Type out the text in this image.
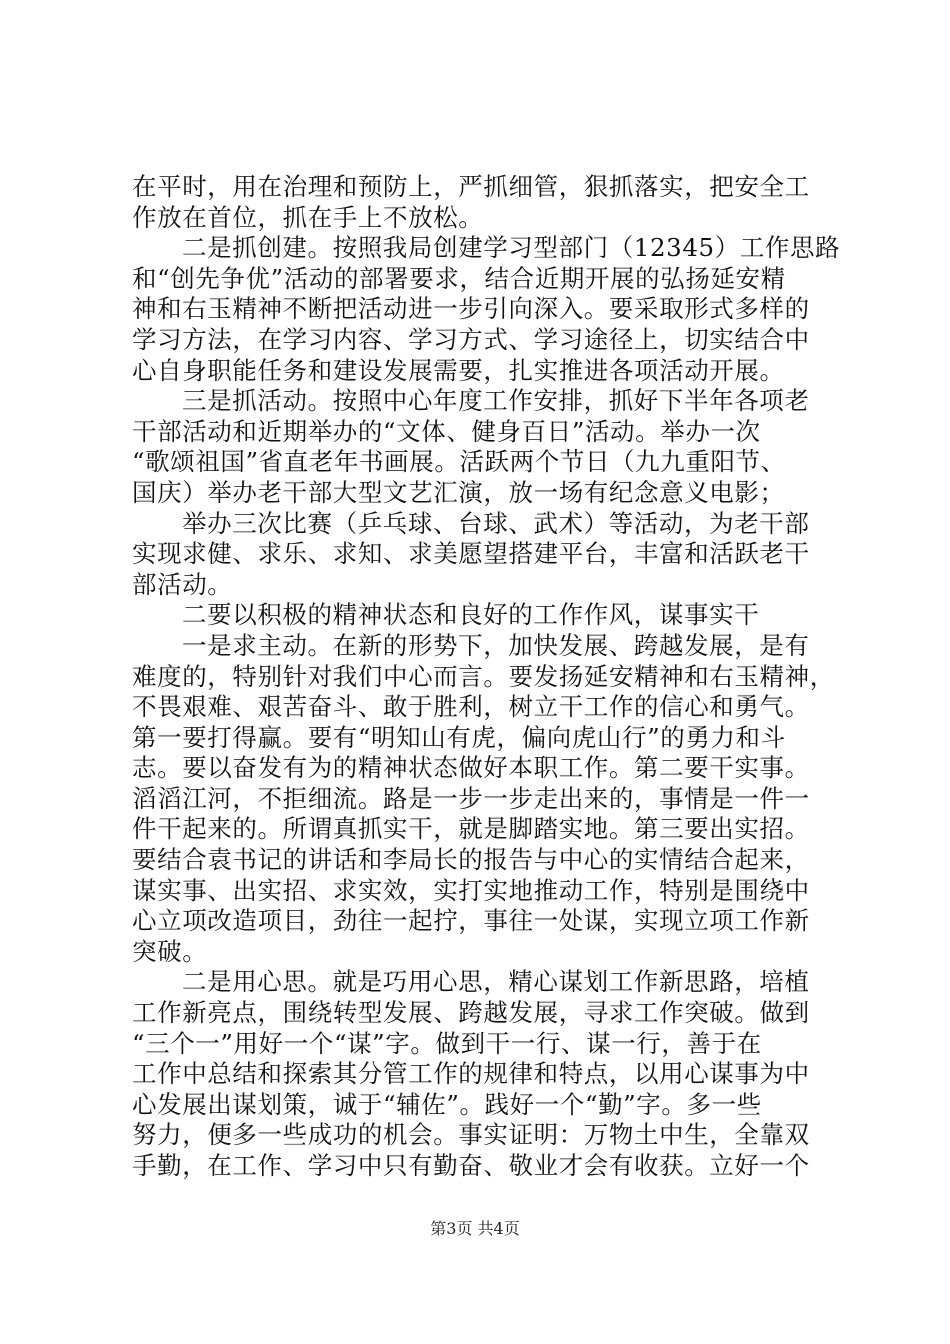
在平时，用在治理和预防上，严抓细管，狠抓落实，把安全工
作放在首位，抓在手上不放松。
二是抓创建。按照我局创建学习型部门（12345）工作思路
和“创先争优”活动的部署要求，结合近期开展的弘扬延安精
神和右玉精神不断把活动进一步引向深入。要采取形式多样的
学习方法，在学习内容、学习方式、学习途径上，切实结合中
心自身职能任务和建设发展需要，扎实推进各项活动开展。
三是抓活动。按照中心年度工作安排，抓好下半年各项老
干部活动和近期举办的“文体、健身百日”活动。举办一次
“歌颂祖国”省直老年书画展。活跃两个节日（九九重阳节、
国庆）举办老干部大型文艺汇演，放一场有纪念意义电影；
举办三次比赛（乒乓球、台球、武术）等活动，为老干部
实现求健、求乐、求知、求美愿望搭建平台，丰富和活跃老干
部活动。
二要以积极的精神状态和良好的工作作风，谋事实干
一是求主动。在新的形势下，加快发展、跨越发展，是有
难度的，特别针对我们中心而言。要发扬延安精神和右玉精神，
不畏艰难、艰苦奋斗、敢于胜利，树立干工作的信心和勇气。
第一要打得赢。要有“明知山有虎，偏向虎山行”的勇力和斗
志。要以奋发有为的精神状态做好本职工作。第二要干实事。
滔滔江河，不拒细流。路是一步一步走出来的，事情是一件一
件干起来的。所谓真抓实干，就是脚踏实地。第三要出实招。
要结合袁书记的讲话和李局长的报告与中心的实情结合起来，
谋实事、出实招、求实效，实打实地推动工作，特别是围绕中
心立项改造项目，劲往一起拧，事往一处谋，实现立项工作新
突破。
二是用心思。就是巧用心思，精心谋划工作新思路，培植
工作新亮点，围绕转型发展、跨越发展，寻求工作突破。做到
“三个一”用好一个“谋”字。做到干一行、谋一行，善于在
工作中总结和探索其分管工作的规律和特点，以用心谋事为中
心发展出谋划策，诚于“辅佐”。践好一个“勤”字。多一些
努力，便多一些成功的机会。事实证明：万物土中生，全靠双
手勤，在工作、学习中只有勤奋、敬业才会有收获。立好一个
第3页 共4页
